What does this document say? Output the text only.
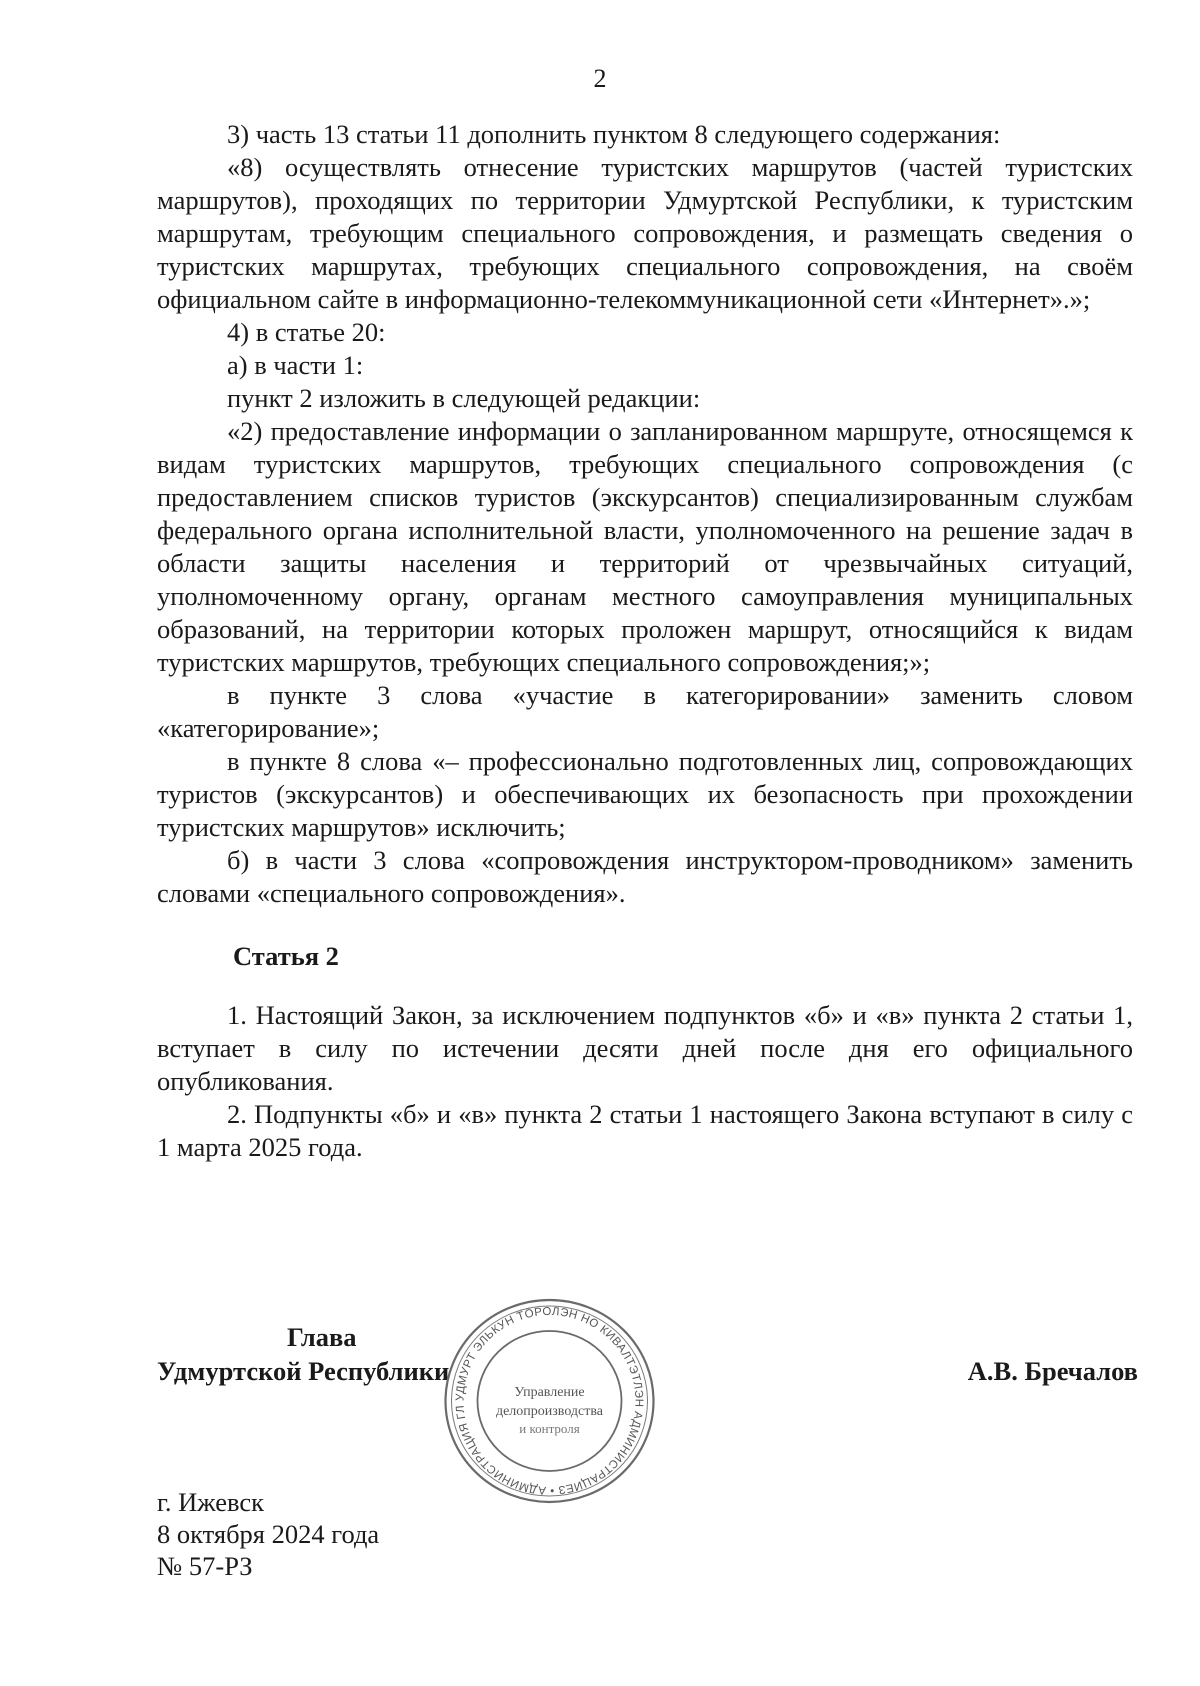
2

3) часть 13 статьи 11 дополнить пунктом 8 следующего содержания:

«8) осуществлять отнесение туристских маршрутов (частей туристских маршрутов), проходящих по территории Удмуртской Республики, к туристским маршрутам, требующим специального сопровождения, и размещать сведения о туристских маршрутах, требующих специального сопровождения, на своём официальном сайте в информационно-телекоммуникационной сети «Интернет».»;

4) в статье 20:

а) в части 1:

пункт 2 изложить в следующей редакции:

«2) предоставление информации о запланированном маршруте, относящемся к видам туристских маршрутов, требующих специального сопровождения (с предоставлением списков туристов (экскурсантов) специализированным службам федерального органа исполнительной власти, уполномоченного на решение задач в области защиты населения и территорий от чрезвычайных ситуаций, уполномоченному органу, органам местного самоуправления муниципальных образований, на территории которых проложен маршрут, относящийся к видам туристских маршрутов, требующих специального сопровождения;»;

в пункте 3 слова «участие в категорировании» заменить словом «категорирование»;

в пункте 8 слова «– профессионально подготовленных лиц, сопровождающих туристов (экскурсантов) и обеспечивающих их безопасность при прохождении туристских маршрутов» исключить;

б) в части 3 слова «сопровождения инструктором-проводником» заменить словами «специального сопровождения».

Статья 2

1. Настоящий Закон, за исключением подпунктов «б» и «в» пункта 2 статьи 1, вступает в силу по истечении десяти дней после дня его официального опубликования.

2. Подпункты «б» и «в» пункта 2 статьи 1 настоящего Закона вступают в силу с 1 марта 2025 года.

Глава
Удмуртской Республики	А.В. Бречалов
УДМУРТ ЭЛЬКУН ТӦРОЛЭН НО КИВАЛТЭТЛЭН АДМИНИСТРАЦИЕЗ • АДМИНИСТРАЦИЯ ГЛ
Управление
делопроизводства
и контроля
г. Ижевск
8 октября 2024 года
№ 57-РЗ
